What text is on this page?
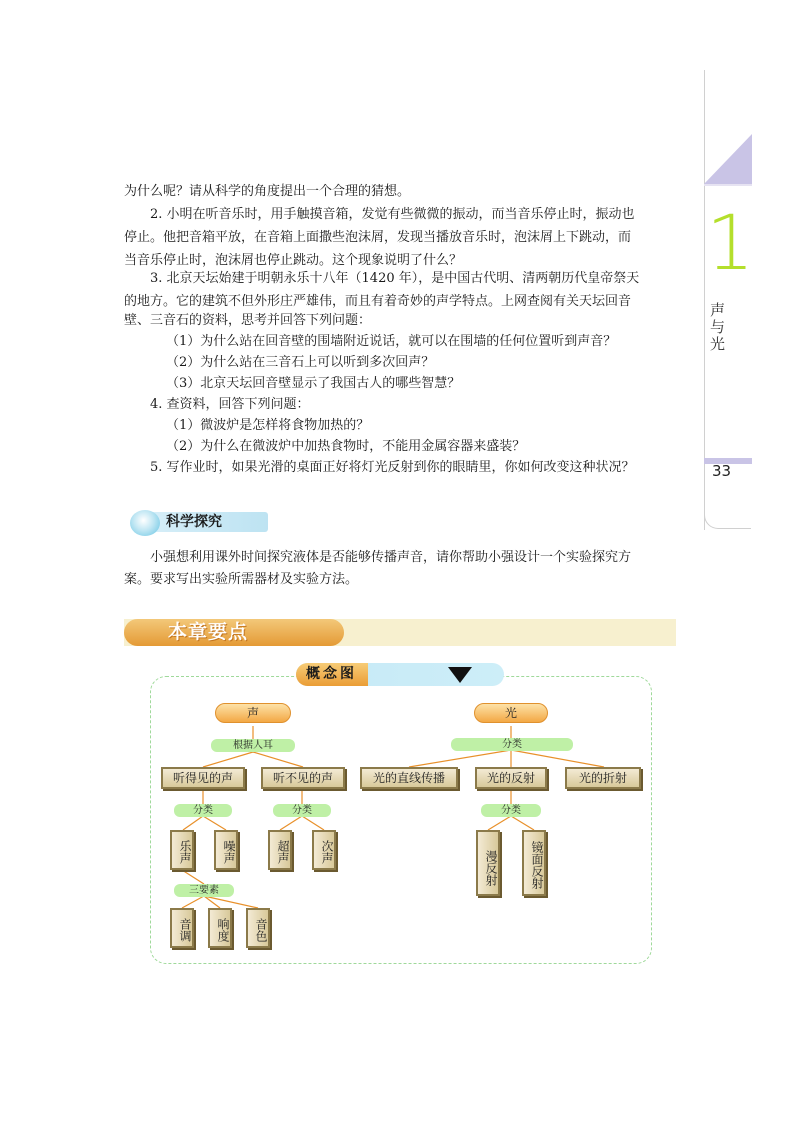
1
声与光
33
为什么呢？请从科学的角度提出一个合理的猜想。
2. 小明在听音乐时，用手触摸音箱，发觉有些微微的振动，而当音乐停止时，振动也
停止。他把音箱平放，在音箱上面撒些泡沫屑，发现当播放音乐时，泡沫屑上下跳动，而
当音乐停止时，泡沫屑也停止跳动。这个现象说明了什么？
3. 北京天坛始建于明朝永乐十八年（1420 年），是中国古代明、清两朝历代皇帝祭天
的地方。它的建筑不但外形庄严雄伟，而且有着奇妙的声学特点。上网查阅有关天坛回音
壁、三音石的资料，思考并回答下列问题：
（1）为什么站在回音壁的围墙附近说话，就可以在围墙的任何位置听到声音？
（2）为什么站在三音石上可以听到多次回声？
（3）北京天坛回音壁显示了我国古人的哪些智慧？
4. 查资料，回答下列问题：
（1）微波炉是怎样将食物加热的？
（2）为什么在微波炉中加热食物时，不能用金属容器来盛装？
5. 写作业时，如果光滑的桌面正好将灯光反射到你的眼睛里，你如何改变这种状况？
科学探究
小强想利用课外时间探究液体是否能够传播声音，请你帮助小强设计一个实验探究方
案。要求写出实验所需器材及实验方法。
本章要点
概念图
声
根据人耳
听得见的声	听不见的声
分类	分类
乐声	噪声	超声	次声
三要素
音调	响度	音色
光
分类
光的直线传播	光的反射	光的折射
分类
漫反射	镜面反射
